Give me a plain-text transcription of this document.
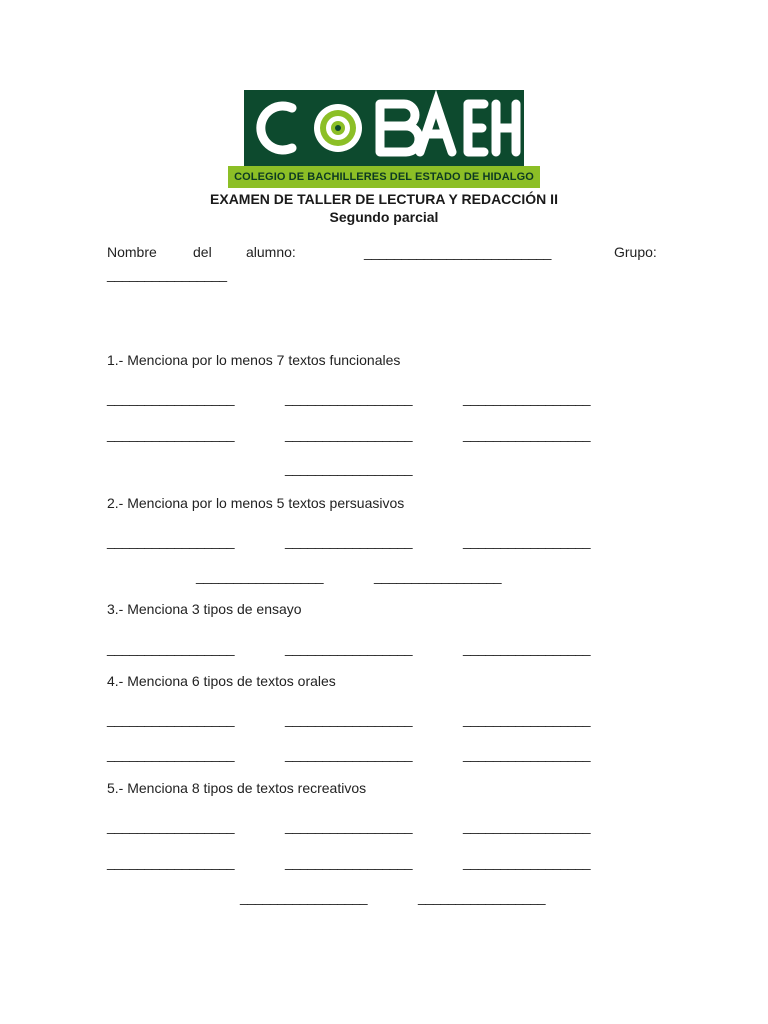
COLEGIO DE BACHILLERES DEL ESTADO DE HIDALGO
EXAMEN DE TALLER DE LECTURA Y REDACCIÓN II
Segundo parcial
Nombre	del alumno:	_________________________	Grupo:
________________
1.- Menciona por lo menos 7 textos funcionales
_________________	_________________	_________________
_________________	_________________	_________________
_________________
2.- Menciona por lo menos 5 textos persuasivos
_________________	_________________	_________________
_________________	_________________
3.- Menciona 3 tipos de ensayo
_________________	_________________	_________________
4.- Menciona 6 tipos de textos orales
_________________	_________________	_________________
_________________	_________________	_________________
5.- Menciona 8 tipos de textos recreativos
_________________	_________________	_________________
_________________	_________________	_________________
_________________	_________________
